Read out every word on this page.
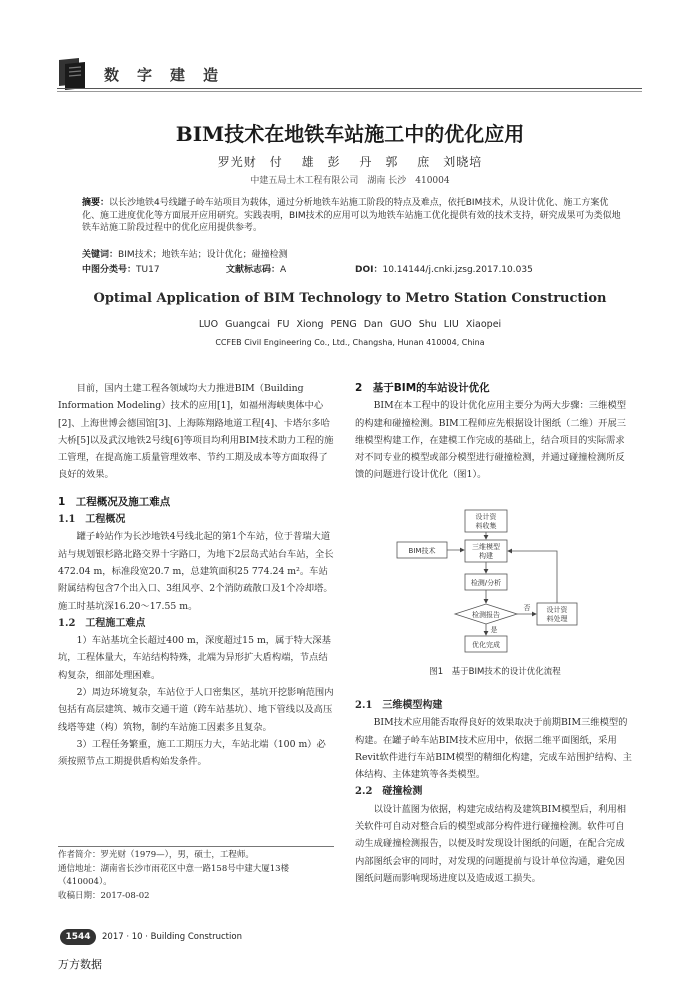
数字建造
BIM技术在地铁车站施工中的优化应用
罗光财　付 雄　彭 丹　郭 庶　刘晓培
中建五局土木工程有限公司　湖南 长沙　410004
摘要：以长沙地铁4号线罐子岭车站项目为载体，通过分析地铁车站施工阶段的特点及难点，依托BIM技术，从设计优化、施工方案优化、施工进度优化等方面展开应用研究。实践表明，BIM技术的应用可以为地铁车站施工优化提供有效的技术支持，研究成果可为类似地铁车站施工阶段过程中的优化应用提供参考。
关键词：BIM技术；地铁车站；设计优化；碰撞检测
中图分类号：TU17	文献标志码：A	DOI：10.14144/j.cnki.jzsg.2017.10.035
Optimal Application of BIM Technology to Metro Station Construction
LUO Guangcai FU Xiong PENG Dan GUO Shu LIU Xiaopei
CCFEB Civil Engineering Co., Ltd., Changsha, Hunan 410004, China

目前，国内土建工程各领域均大力推进BIM（Building Information Modeling）技术的应用[1]，如福州海峡奥体中心[2]、上海世博会德国馆[3]、上海陈翔路地道工程[4]、卡塔尔多哈大桥[5]以及武汉地铁2号线[6]等项目均利用BIM技术助力工程的施工管理，在提高施工质量管理效率、节约工期及成本等方面取得了良好的效果。

1　工程概况及施工难点

1.1　工程概况

罐子岭站作为长沙地铁4号线北起的第1个车站，位于普瑞大道站与规划银杉路北路交界十字路口，为地下2层岛式站台车站，全长472.04 m，标准段宽20.7 m，总建筑面积25 774.24 m²。车站附属结构包含7个出入口、3组风亭、2个消防疏散口及1个冷却塔。施工时基坑深16.20～17.55 m。

1.2　工程施工难点

1）车站基坑全长超过400 m，深度超过15 m，属于特大深基坑，工程体量大，车站结构特殊，北端为异形扩大盾构端，节点结构复杂，细部处理困难。

2）周边环境复杂，车站位于人口密集区，基坑开挖影响范围内包括有高层建筑、城市交通干道（跨车站基坑）、地下管线以及高压线塔等建（构）筑物，制约车站施工因素多且复杂。

3）工程任务繁重，施工工期压力大，车站北端（100 m）必须按照节点工期提供盾构始发条件。

作者简介：罗光财（1979—），男，硕士，工程师。

通信地址：湖南省长沙市雨花区中意一路158号中建大厦13楼（410004）。

收稿日期：2017-08-02

2　基于BIM的车站设计优化

BIM在本工程中的设计优化应用主要分为两大步骤：三维模型的构建和碰撞检测。BIM工程师应先根据设计图纸（二维）开展三维模型构建工作，在建模工作完成的基础上，结合项目的实际需求对不同专业的模型或部分模型进行碰撞检测，并通过碰撞检测所反馈的问题进行设计优化（图1）。

设计资
料收集
BIM技术	三维模型
构建
检测/分析
检测报告
否
是
设计资
料处理
优化完成
图1　基于BIM技术的设计优化流程

2.1　三维模型构建

BIM技术应用能否取得良好的效果取决于前期BIM三维模型的构建。在罐子岭车站BIM技术应用中，依据二维平面图纸，采用Revit软件进行车站BIM模型的精细化构建，完成车站围护结构、主体结构、主体建筑等各类模型。

2.2　碰撞检测

以设计蓝图为依据，构建完成结构及建筑BIM模型后，利用相关软件可自动对整合后的模型或部分构件进行碰撞检测。软件可自动生成碰撞检测报告，以便及时发现设计图纸的问题，在配合完成内部图纸会审的同时，对发现的问题提前与设计单位沟通，避免因图纸问题而影响现场进度以及造成返工损失。

1544	2017 · 10 · Building Construction
万方数据
